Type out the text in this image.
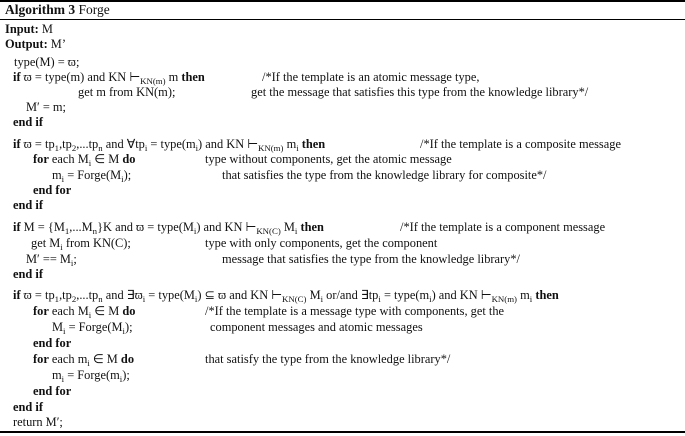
Algorithm 3 Forge
Input: M
Output: M’
type(M) = ϖ;
if ϖ = type(m) and KN $⊢_{KN(m)}$ m then	/*If the template is an atomic message type,
get m from KN(m);	get the message that satisfies this type from the knowledge library*/
M′ = m;
end if
if $ϖ = tp_1,tp_2,...tp_n$ and $\forall tp_i$ = $type(m_i)$ and KN $⊢_{KN(m)}$ $m_i$ then	/*If the template is a composite message
for each $M_i$ ∈ M do	type without components, get the atomic message
$m_i$ = $Forge(M_i)$;	that satisfies the type from the knowledge library for composite*/
end for
end if
if $M = \{M_1,...M_n\}K$ and $ϖ = type(M_i)$ and KN $⊢_{KN(C)}$ $M_i$ then	/*If the template is a component message
get $M_i$ from KN(C);	type with only components, get the component
$M' == M_i$;	message that satisfies the type from the knowledge library*/
end if
if $ϖ = tp_1,tp_2,...tp_n$ and $\exists ϖ_i$ = $type(M_i)$ ⊆ ϖ and KN $⊢_{KN(C)}$ $M_i$ or/and $\exists tp_i$ = $type(m_i)$ and KN $⊢_{KN(m)}$ $m_i$ then
for each $M_i$ ∈ M do	/*If the template is a message type with components, get the
$M_i$ = $Forge(M_i)$;	component messages and atomic messages
end for
for each $m_i$ ∈ M do	that satisfy the type from the knowledge library*/
$m_i$ = $Forge(m_i)$;
end for
end if
return M′;
